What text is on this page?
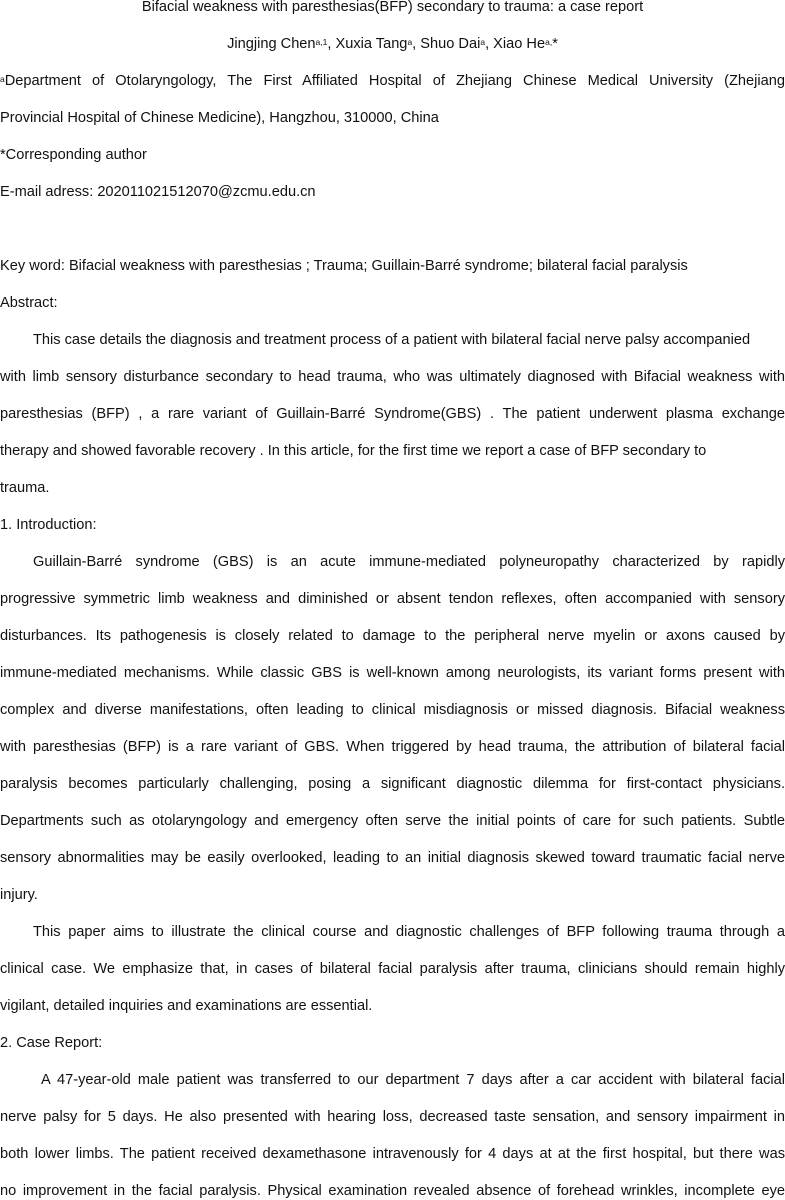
Bifacial weakness with paresthesias(BFP) secondary to trauma: a case report
Jingjing Chen$^{a,1}$, Xuxia Tang$^a$, Shuo Dai$^a$, Xiao $He^{a,}*$
$^a$Department of Otolaryngology, The First Affiliated Hospital of Zhejiang Chinese Medical University (Zhejiang
Provincial Hospital of Chinese Medicine), Hangzhou, 310000, China
*Corresponding author
E-mail adress: 202011021512070@zcmu.edu.cn
Key word: Bifacial weakness with paresthesias ; Trauma; Guillain-Barré syndrome; bilateral facial paralysis
Abstract:
This case details the diagnosis and treatment process of a patient with bilateral facial nerve palsy accompanied
with limb sensory disturbance secondary to head trauma, who was ultimately diagnosed with Bifacial weakness with
paresthesias (BFP) , a rare variant of Guillain-Barré Syndrome(GBS) . The patient underwent plasma exchange
therapy and showed favorable recovery . In this article, for the first time we report a case of BFP secondary to
trauma.
1. Introduction:
Guillain-Barré syndrome (GBS) is an acute immune-mediated polyneuropathy characterized by rapidly
progressive symmetric limb weakness and diminished or absent tendon reflexes, often accompanied with sensory
disturbances. Its pathogenesis is closely related to damage to the peripheral nerve myelin or axons caused by
immune-mediated mechanisms. While classic GBS is well-known among neurologists, its variant forms present with
complex and diverse manifestations, often leading to clinical misdiagnosis or missed diagnosis. Bifacial weakness
with paresthesias (BFP) is a rare variant of GBS. When triggered by head trauma, the attribution of bilateral facial
paralysis becomes particularly challenging, posing a significant diagnostic dilemma for first-contact physicians.
Departments such as otolaryngology and emergency often serve the initial points of care for such patients. Subtle
sensory abnormalities may be easily overlooked, leading to an initial diagnosis skewed toward traumatic facial nerve
injury.
This paper aims to illustrate the clinical course and diagnostic challenges of BFP following trauma through a
clinical case. We emphasize that, in cases of bilateral facial paralysis after trauma, clinicians should remain highly
vigilant, detailed inquiries and examinations are essential.
2. Case Report:
A 47-year-old male patient was transferred to our department 7 days after a car accident with bilateral facial
nerve palsy for 5 days. He also presented with hearing loss, decreased taste sensation, and sensory impairment in
both lower limbs. The patient received dexamethasone intravenously for 4 days at at the first hospital, but there was
no improvement in the facial paralysis. Physical examination revealed absence of forehead wrinkles, incomplete eye
